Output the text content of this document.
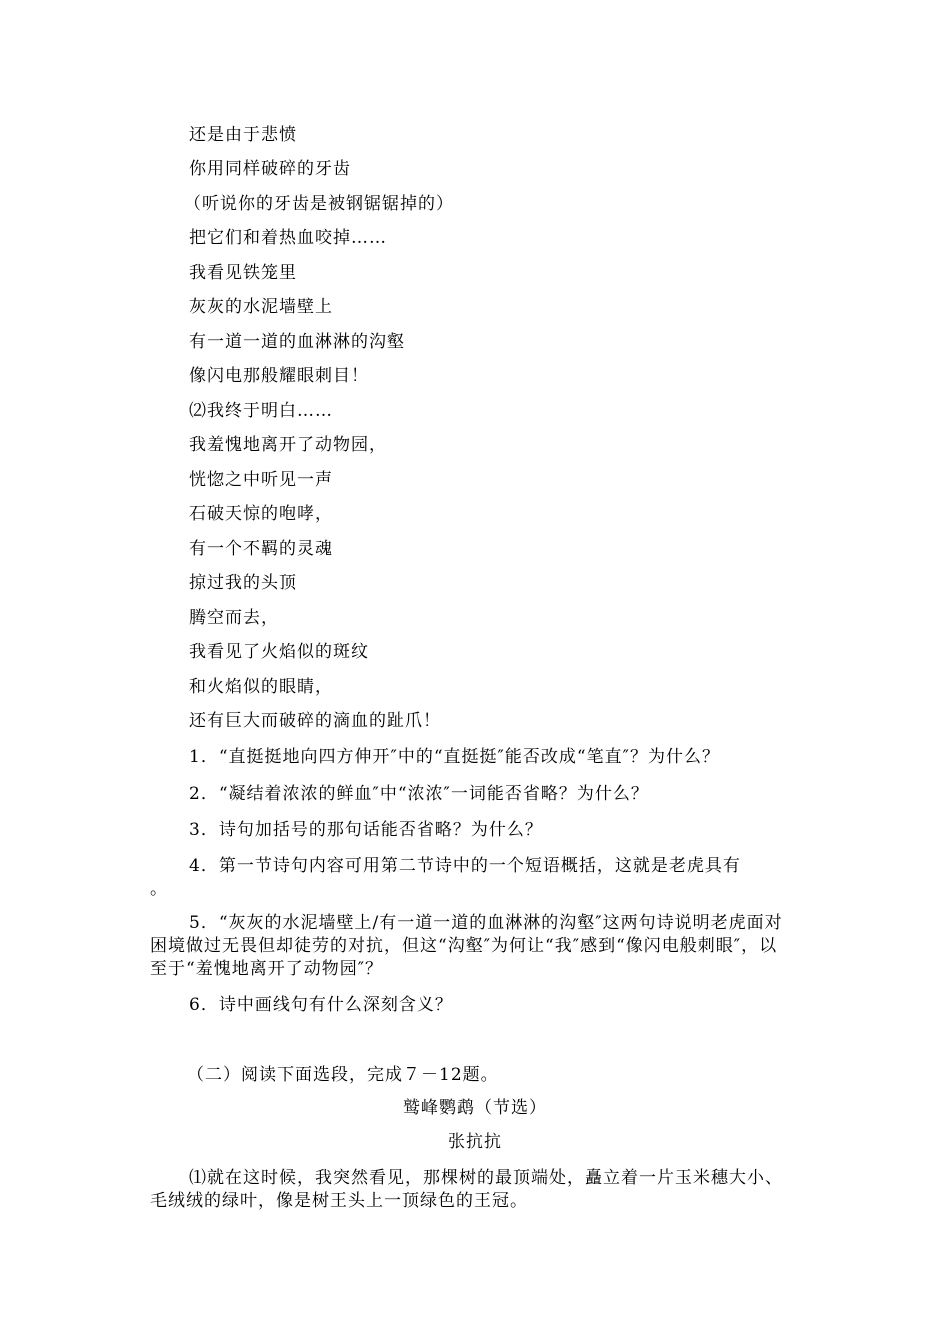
还是由于悲愤
你用同样破碎的牙齿
（听说你的牙齿是被钢锯锯掉的）
把它们和着热血咬掉……
我看见铁笼里
灰灰的水泥墙壁上
有一道一道的血淋淋的沟壑
像闪电那般耀眼刺目！
⑵我终于明白……
我羞愧地离开了动物园，
恍惚之中听见一声
石破天惊的咆哮，
有一个不羁的灵魂
掠过我的头顶
腾空而去，
我看见了火焰似的斑纹
和火焰似的眼睛，
还有巨大而破碎的滴血的趾爪！
1．“直挺挺地向四方伸开″中的“直挺挺″能否改成“笔直″？为什么？
2．“凝结着浓浓的鲜血″中“浓浓″一词能否省略？为什么？
3．诗句加括号的那句话能否省略？为什么？
4．第一节诗句内容可用第二节诗中的一个短语概括，这就是老虎具有
。
5．“灰灰的水泥墙壁上/有一道一道的血淋淋的沟壑″这两句诗说明老虎面对困境做过无畏但却徒劳的对抗，但这“沟壑″为何让“我″感到“像闪电般刺眼″，以至于“羞愧地离开了动物园″？
6．诗中画线句有什么深刻含义？
（二）阅读下面选段，完成７－12题。
鹫峰鹦鹉（节选）
张抗抗
⑴就在这时候，我突然看见，那棵树的最顶端处，矗立着一片玉米穗大小、毛绒绒的绿叶，像是树王头上一顶绿色的王冠。
